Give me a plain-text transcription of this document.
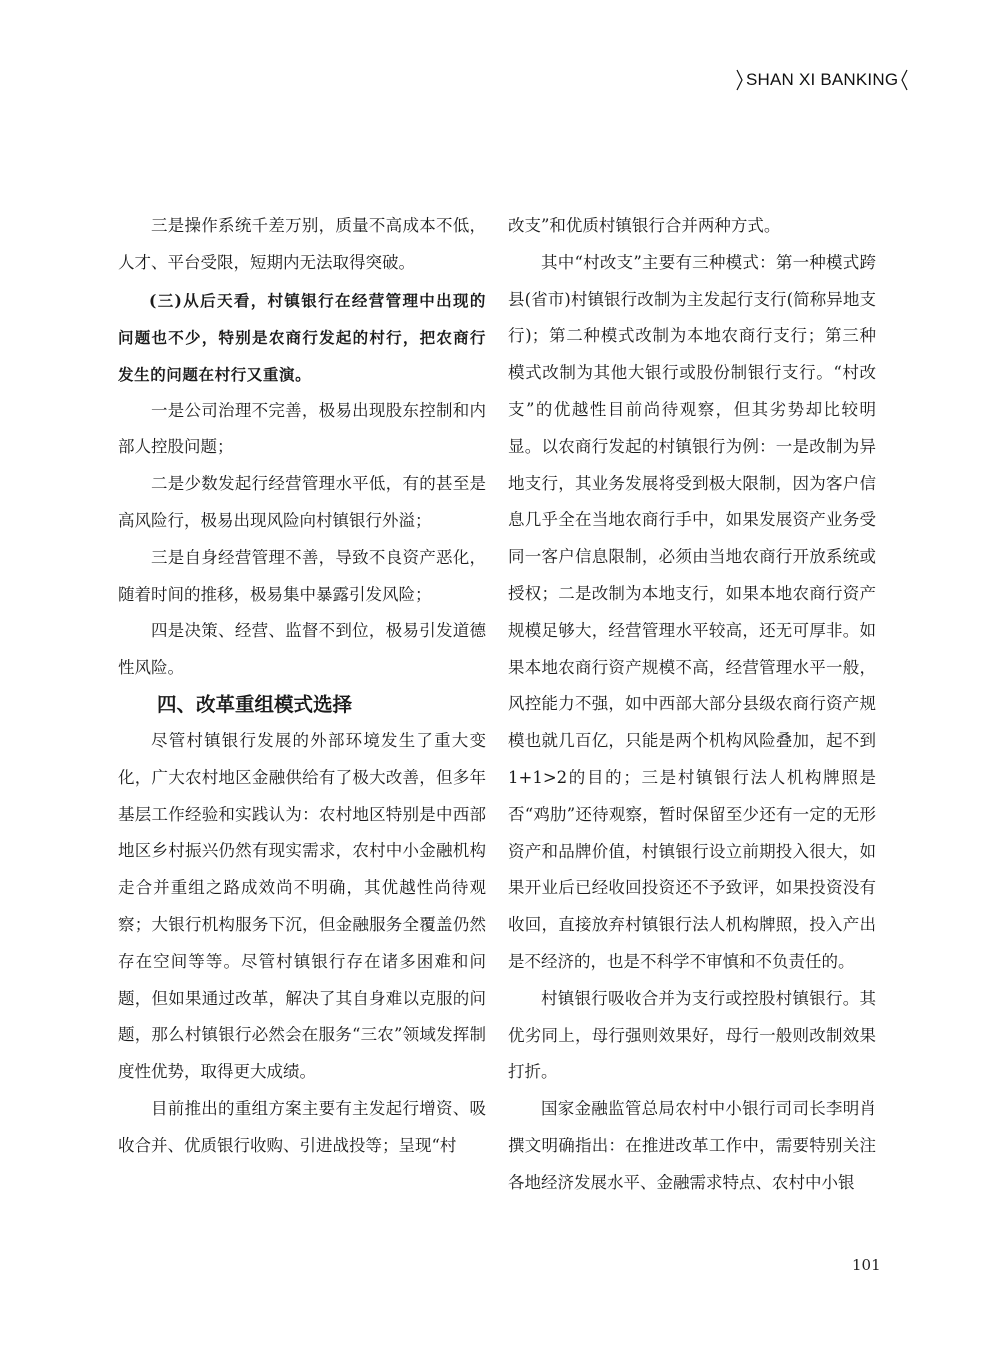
SHAN XI BANKING

三是操作系统千差万别，质量不高成本不低，人才、平台受限，短期内无法取得突破。

(三)从后天看，村镇银行在经营管理中出现的问题也不少，特别是农商行发起的村行，把农商行发生的问题在村行又重演。

一是公司治理不完善，极易出现股东控制和内部人控股问题；

二是少数发起行经营管理水平低，有的甚至是高风险行，极易出现风险向村镇银行外溢；

三是自身经营管理不善，导致不良资产恶化，随着时间的推移，极易集中暴露引发风险；

四是决策、经营、监督不到位，极易引发道德性风险。

四、改革重组模式选择

尽管村镇银行发展的外部环境发生了重大变化，广大农村地区金融供给有了极大改善，但多年基层工作经验和实践认为：农村地区特别是中西部地区乡村振兴仍然有现实需求，农村中小金融机构走合并重组之路成效尚不明确，其优越性尚待观察；大银行机构服务下沉，但金融服务全覆盖仍然存在空间等等。尽管村镇银行存在诸多困难和问题，但如果通过改革，解决了其自身难以克服的问题，那么村镇银行必然会在服务“三农”领域发挥制度性优势，取得更大成绩。

目前推出的重组方案主要有主发起行增资、吸收合并、优质银行收购、引进战投等；呈现“村

改支”和优质村镇银行合并两种方式。

其中“村改支”主要有三种模式：第一种模式跨县(省市)村镇银行改制为主发起行支行(简称异地支行)；第二种模式改制为本地农商行支行；第三种模式改制为其他大银行或股份制银行支行。“村改支”的优越性目前尚待观察，但其劣势却比较明显。以农商行发起的村镇银行为例：一是改制为异地支行，其业务发展将受到极大限制，因为客户信息几乎全在当地农商行手中，如果发展资产业务受同一客户信息限制，必须由当地农商行开放系统或授权；二是改制为本地支行，如果本地农商行资产规模足够大，经营管理水平较高，还无可厚非。如果本地农商行资产规模不高，经营管理水平一般，风控能力不强，如中西部大部分县级农商行资产规模也就几百亿，只能是两个机构风险叠加，起不到1+1>2的目的；三是村镇银行法人机构牌照是否“鸡肋”还待观察，暂时保留至少还有一定的无形资产和品牌价值，村镇银行设立前期投入很大，如果开业后已经收回投资还不予致评，如果投资没有收回，直接放弃村镇银行法人机构牌照，投入产出是不经济的，也是不科学不审慎和不负责任的。

村镇银行吸收合并为支行或控股村镇银行。其优劣同上，母行强则效果好，母行一般则改制效果打折。

国家金融监管总局农村中小银行司司长李明肖撰文明确指出：在推进改革工作中，需要特别关注各地经济发展水平、金融需求特点、农村中小银

101
